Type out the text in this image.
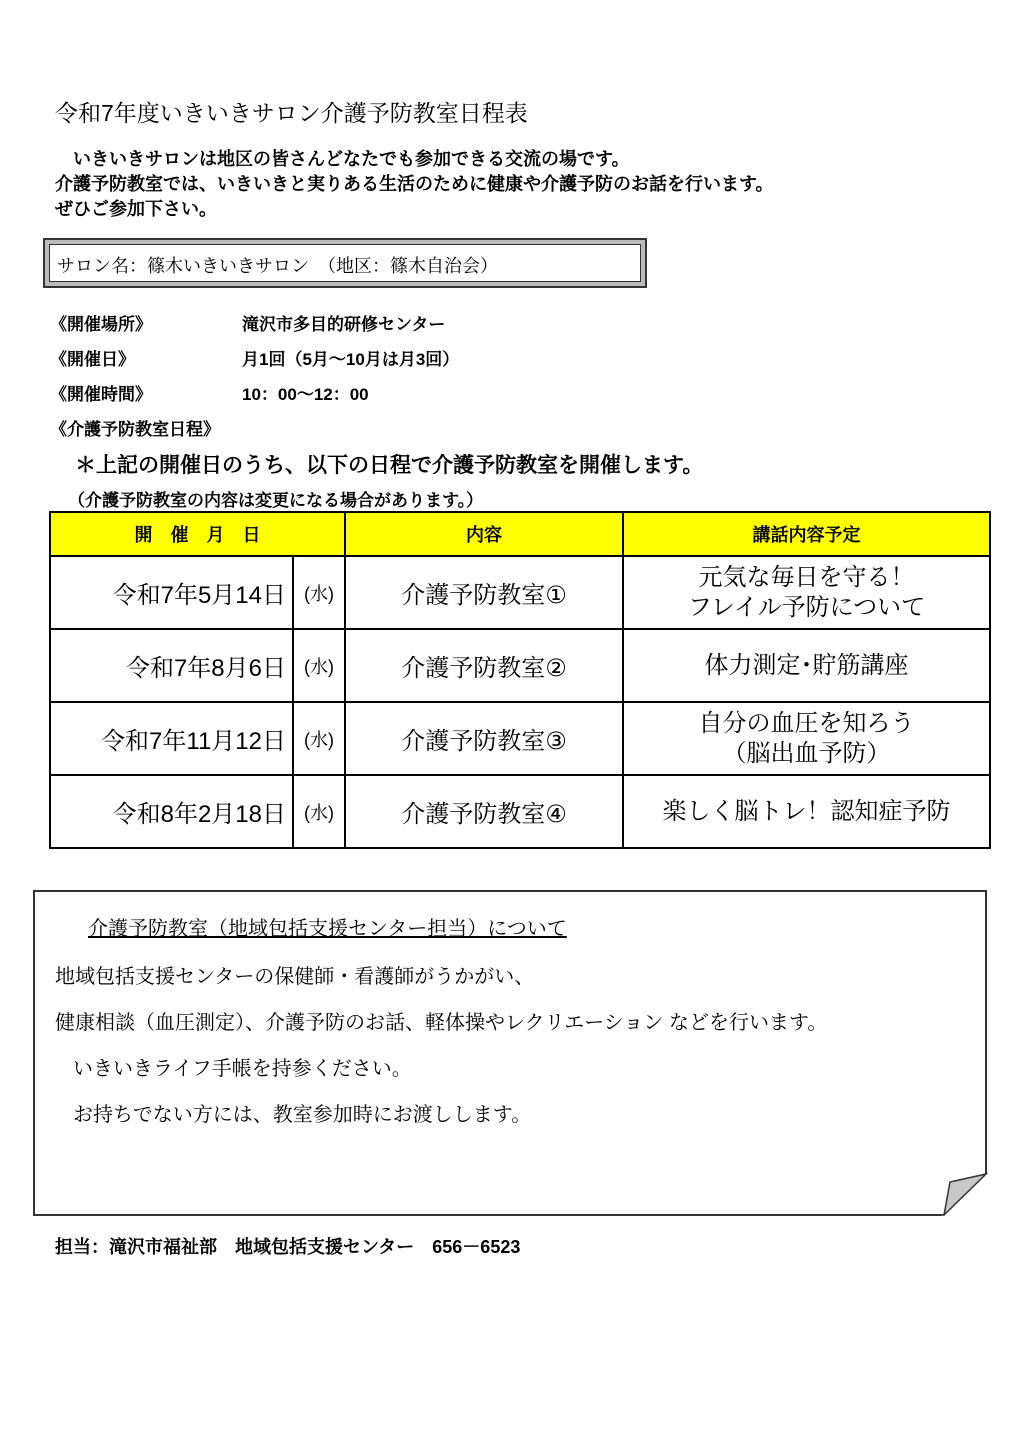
令和7年度いきいきサロン介護予防教室日程表
　いきいきサロンは地区の皆さんどなたでも参加できる交流の場です。
介護予防教室では、いきいきと実りある生活のために健康や介護予防のお話を行います。
ぜひご参加下さい。
サロン名：篠木いきいきサロン　（地区：篠木自治会）
《開催場所》	滝沢市多目的研修センター
《開催日》	月1回（5月～10月は月3回）
《開催時間》	10：00～12：00
《介護予防教室日程》
＊上記の開催日のうち、以下の日程で介護予防教室を開催します。
（介護予防教室の内容は変更になる場合があります。）
開　催　月　日		内容	講話内容予定
令和7年5月14日	(水)	介護予防教室①	元気な毎日を守る！
フレイル予防について

令和7年8月6日	(水)	介護予防教室②	体力測定･貯筋講座

令和7年11月12日	(水)	介護予防教室③	自分の血圧を知ろう
（脳出血予防）

令和8年2月18日	(水)	介護予防教室④	楽しく脳トレ！認知症予防
介護予防教室（地域包括支援センター担当）について
地域包括支援センターの保健師・看護師がうかがい、
健康相談（血圧測定）、介護予防のお話、軽体操やレクリエーション などを行います。
いきいきライフ手帳を持参ください。
お持ちでない方には、教室参加時にお渡しします。
担当：滝沢市福祉部　地域包括支援センター　656－6523
